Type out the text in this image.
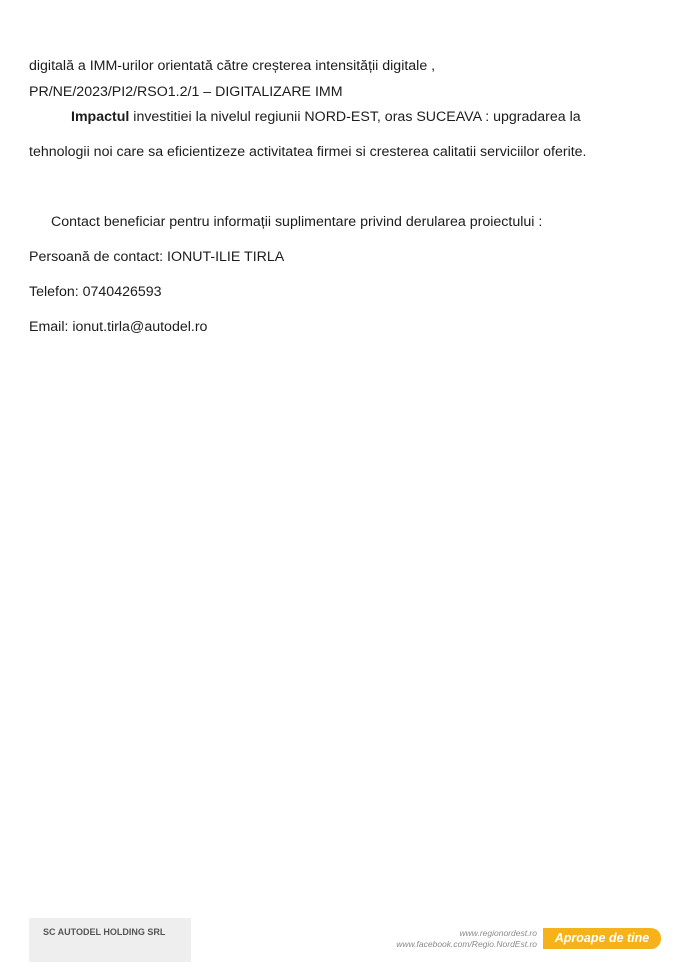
digitală a IMM-urilor orientată către creșterea intensității digitale ,
PR/NE/2023/PI2/RSO1.2/1 – DIGITALIZARE IMM
Impactul investitiei la nivelul regiunii NORD-EST, oras SUCEAVA : upgradarea la
tehnologii noi care sa eficientizeze activitatea firmei si cresterea calitatii serviciilor oferite.
Contact beneficiar pentru informații suplimentare privind derularea proiectului :
Persoană de contact: IONUT-ILIE TIRLA
Telefon: 0740426593
Email: ionut.tirla@autodel.ro
SC AUTODEL HOLDING SRL	www.regionordest.ro
www.facebook.com/Regio.NordEst.ro	Aproape de tine
